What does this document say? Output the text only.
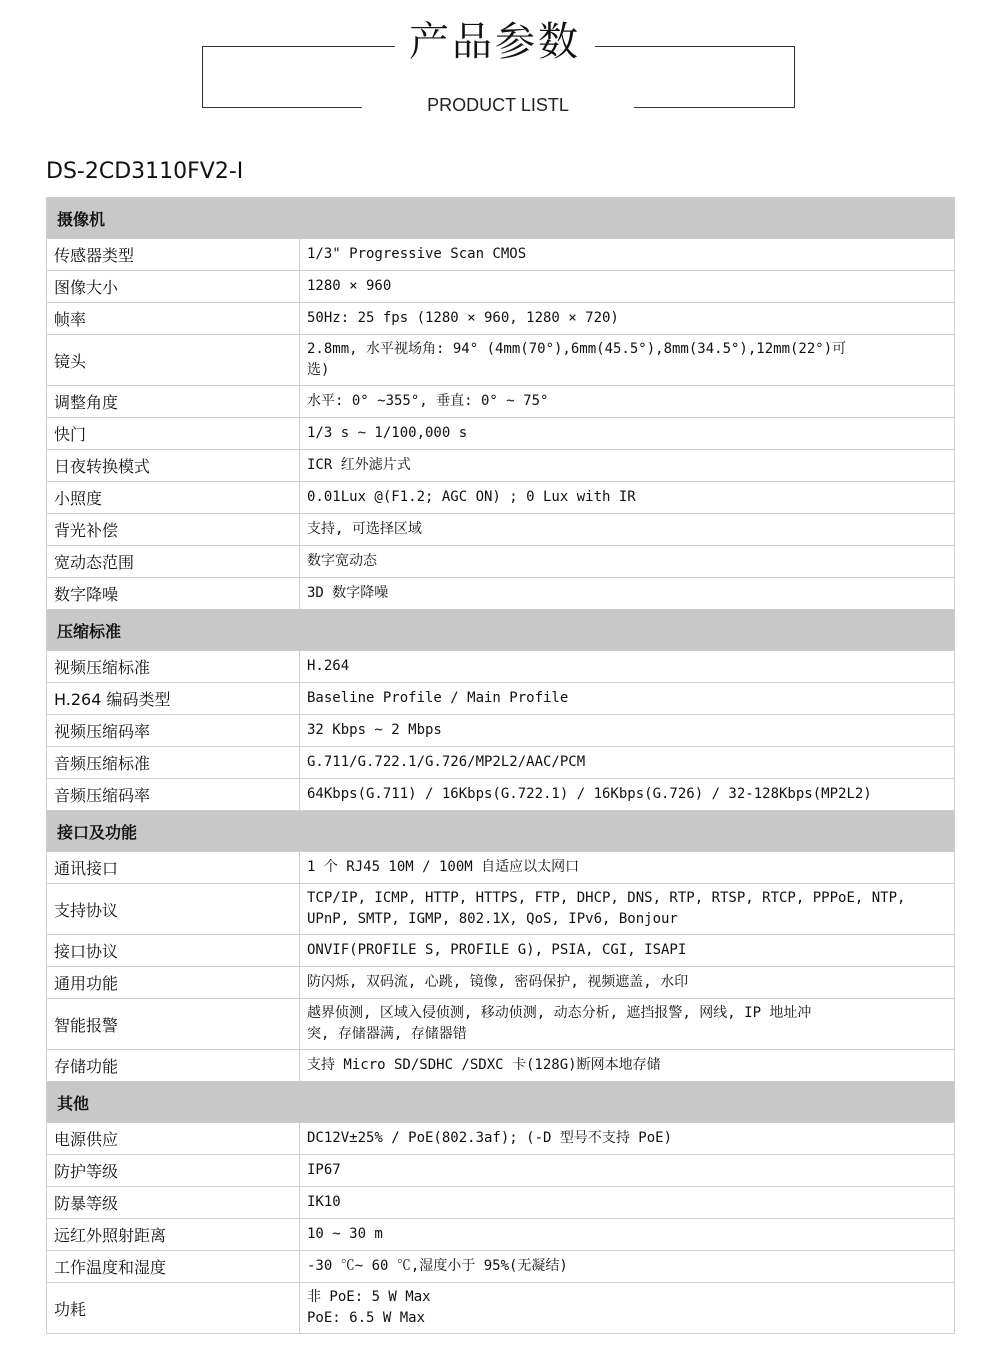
产品参数
PRODUCT LISTL
DS-2CD3110FV2-I
摄像机	
传感器类型	1/3" Progressive Scan CMOS

图像大小	1280 × 960

帧率	50Hz: 25 fps (1280 × 960, 1280 × 720)

镜头	2.8mm, 水平视场角: 94° (4mm(70°),6mm(45.5°),8mm(34.5°),12mm(22°)可
选)

调整角度	水平: 0° ~355°, 垂直: 0° ~ 75°

快门	1/3 s ~ 1/100,000 s

日夜转换模式	ICR 红外滤片式

小照度	0.01Lux @(F1.2; AGC ON) ; 0 Lux with IR

背光补偿	支持, 可选择区域

宽动态范围	数字宽动态

数字降噪	3D 数字降噪

压缩标准	
视频压缩标准	H.264

H.264 编码类型	Baseline Profile / Main Profile

视频压缩码率	32 Kbps ~ 2 Mbps

音频压缩标准	G.711/G.722.1/G.726/MP2L2/AAC/PCM

音频压缩码率	64Kbps(G.711) / 16Kbps(G.722.1) / 16Kbps(G.726) / 32-128Kbps(MP2L2)

接口及功能	
通讯接口	1 个 RJ45 10M / 100M 自适应以太网口

支持协议	TCP/IP, ICMP, HTTP, HTTPS, FTP, DHCP, DNS, RTP, RTSP, RTCP, PPPoE, NTP,
UPnP, SMTP, IGMP, 802.1X, QoS, IPv6, Bonjour

接口协议	ONVIF(PROFILE S, PROFILE G), PSIA, CGI, ISAPI

通用功能	防闪烁, 双码流, 心跳, 镜像, 密码保护, 视频遮盖, 水印

智能报警	越界侦测, 区域入侵侦测, 移动侦测, 动态分析, 遮挡报警, 网线, IP 地址冲
突, 存储器满, 存储器错

存储功能	支持 Micro SD/SDHC /SDXC 卡(128G)断网本地存储

其他	
电源供应	DC12V±25% / PoE(802.3af); (-D 型号不支持 PoE)

防护等级	IP67

防暴等级	IK10

远红外照射距离	10 ~ 30 m

工作温度和湿度	-30 ℃~ 60 ℃,湿度小于 95%(无凝结)

功耗	非 PoE: 5 W Max
PoE: 6.5 W Max
